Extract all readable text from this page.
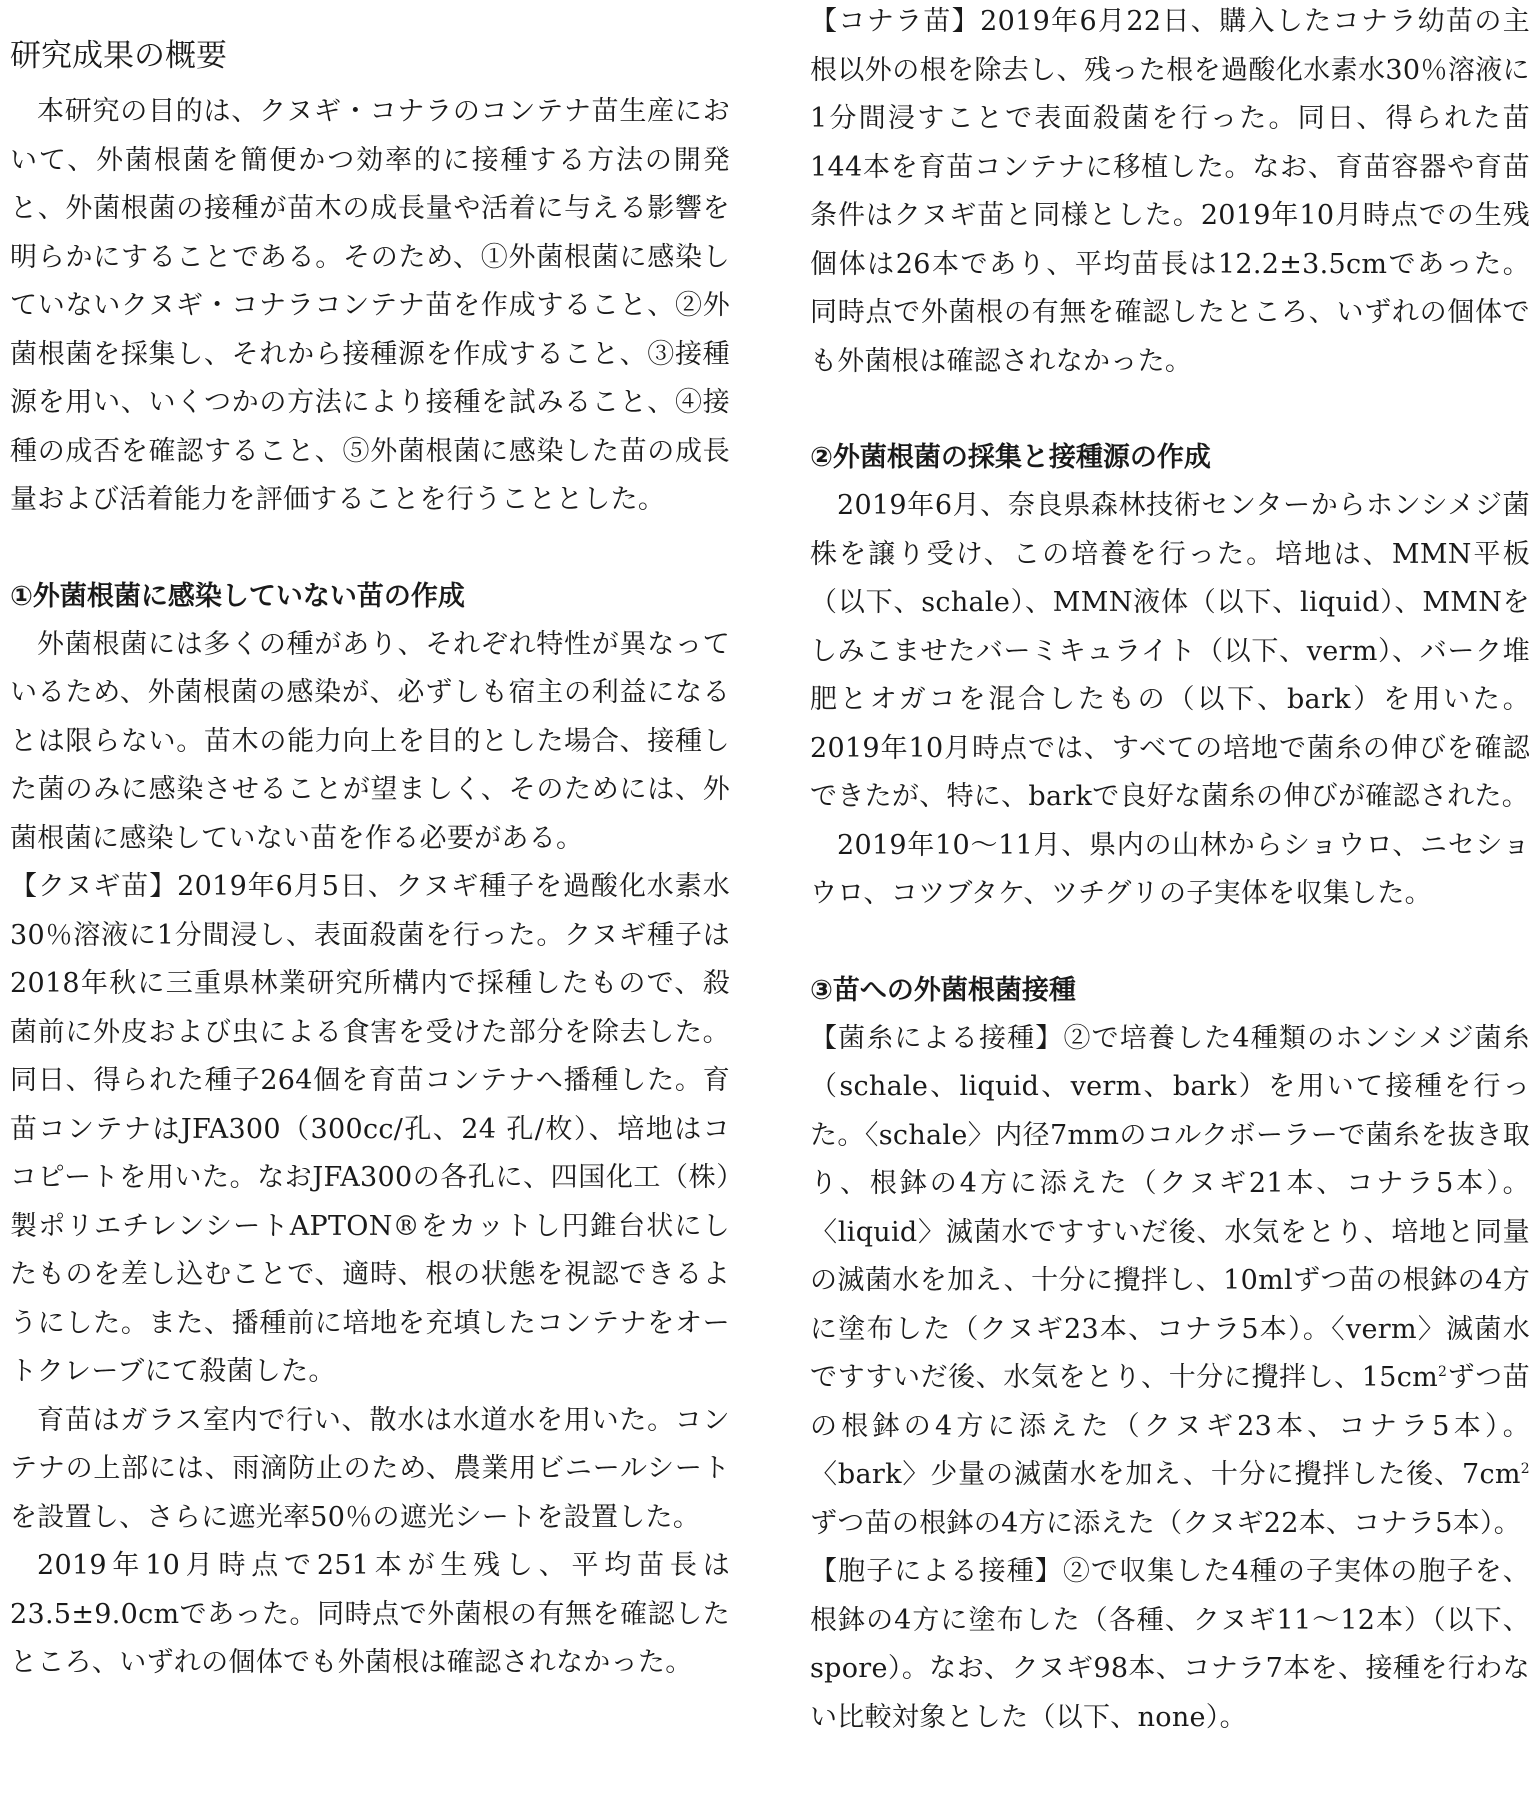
研究成果の概要

本研究の目的は、クヌギ・コナラのコンテナ苗生産において、外菌根菌を簡便かつ効率的に接種する方法の開発と、外菌根菌の接種が苗木の成長量や活着に与える影響を明らかにすることである。そのため、①外菌根菌に感染していないクヌギ・コナラコンテナ苗を作成すること、②外菌根菌を採集し、それから接種源を作成すること、③接種源を用い、いくつかの方法により接種を試みること、④接種の成否を確認すること、⑤外菌根菌に感染した苗の成長量および活着能力を評価することを行うこととした。

①外菌根菌に感染していない苗の作成

外菌根菌には多くの種があり、それぞれ特性が異なっているため、外菌根菌の感染が、必ずしも宿主の利益になるとは限らない。苗木の能力向上を目的とした場合、接種した菌のみに感染させることが望ましく、そのためには、外菌根菌に感染していない苗を作る必要がある。

【クヌギ苗】2019年6月5日、クヌギ種子を過酸化水素水30％溶液に1分間浸し、表面殺菌を行った。クヌギ種子は2018年秋に三重県林業研究所構内で採種したもので、殺菌前に外皮および虫による食害を受けた部分を除去した。同日、得られた種子264個を育苗コンテナへ播種した。育苗コンテナはJFA300（300cc/孔、24 孔/枚）、培地はココピートを用いた。なおJFA300の各孔に、四国化工（株）製ポリエチレンシートAPTON®をカットし円錐台状にしたものを差し込むことで、適時、根の状態を視認できるようにした。また、播種前に培地を充填したコンテナをオートクレーブにて殺菌した。

育苗はガラス室内で行い、散水は水道水を用いた。コンテナの上部には、雨滴防止のため、農業用ビニールシートを設置し、さらに遮光率50％の遮光シートを設置した。

2019年10月時点で251本が生残し、平均苗長は23.5±9.0cmであった。同時点で外菌根の有無を確認したところ、いずれの個体でも外菌根は確認されなかった。

【コナラ苗】2019年6月22日、購入したコナラ幼苗の主根以外の根を除去し、残った根を過酸化水素水30％溶液に1分間浸すことで表面殺菌を行った。同日、得られた苗144本を育苗コンテナに移植した。なお、育苗容器や育苗条件はクヌギ苗と同様とした。2019年10月時点での生残個体は26本であり、平均苗長は12.2±3.5cmであった。同時点で外菌根の有無を確認したところ、いずれの個体でも外菌根は確認されなかった。

②外菌根菌の採集と接種源の作成

2019年6月、奈良県森林技術センターからホンシメジ菌株を譲り受け、この培養を行った。培地は、MMN平板（以下、schale）、MMN液体（以下、liquid）、MMNをしみこませたバーミキュライト（以下、verm）、バーク堆肥とオガコを混合したもの（以下、bark）を用いた。2019年10月時点では、すべての培地で菌糸の伸びを確認できたが、特に、barkで良好な菌糸の伸びが確認された。

2019年10～11月、県内の山林からショウロ、ニセショウロ、コツブタケ、ツチグリの子実体を収集した。

③苗への外菌根菌接種

【菌糸による接種】②で培養した4種類のホンシメジ菌糸（schale、liquid、verm、bark）を用いて接種を行った。〈schale〉内径7mmのコルクボーラーで菌糸を抜き取り、根鉢の4方に添えた（クヌギ21本、コナラ5本）。〈liquid〉滅菌水ですすいだ後、水気をとり、培地と同量の滅菌水を加え、十分に攪拌し、10mlずつ苗の根鉢の4方に塗布した（クヌギ23本、コナラ5本）。〈verm〉滅菌水ですすいだ後、水気をとり、十分に攪拌し、$15cm^2$ずつ苗の根鉢の4方に添えた（クヌギ23本、コナラ5本）。〈bark〉少量の滅菌水を加え、十分に攪拌した後、$7cm^2$ずつ苗の根鉢の4方に添えた（クヌギ22本、コナラ5本）。

【胞子による接種】②で収集した4種の子実体の胞子を、根鉢の4方に塗布した（各種、クヌギ11～12本）（以下、spore）。なお、クヌギ98本、コナラ7本を、接種を行わない比較対象とした（以下、none）。
